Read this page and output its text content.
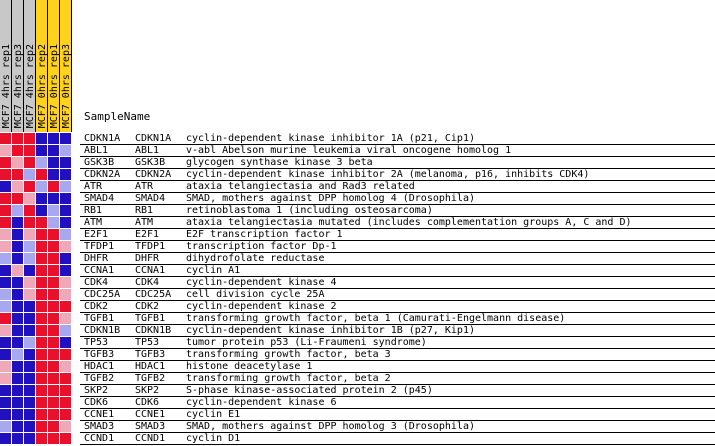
MCF7_4hrs_rep1 MCF7_4hrs_rep3 MCF7_4hrs_rep2 MCF7_0hrs_rep2 MCF7_0hrs_rep1 MCF7_0hrs_rep3 SampleName
CDKN1A CDKN1A cyclin-dependent kinase inhibitor 1A (p21, Cip1)
ABL1	ABL1	v-abl Abelson murine leukemia viral oncogene homolog 1
GSK3B GSK3B glycogen synthase kinase 3 beta
CDKN2A CDKN2A cyclin-dependent kinase inhibitor 2A (melanoma, p16, inhibits CDK4)
ATR	ATR	ataxia telangiectasia and Rad3 related
SMAD4 SMAD4 SMAD, mothers against DPP homolog 4 (Drosophila)
RB1	RB1	retinoblastoma 1 (including osteosarcoma)
ATM	ATM	ataxia telangiectasia mutated (includes complementation groups A, C and D)
E2F1	E2F1	E2F transcription factor 1
TFDP1 TFDP1 transcription factor Dp-1
DHFR	DHFR	dihydrofolate reductase
CCNA1 CCNA1 cyclin A1
CDK4	CDK4	cyclin-dependent kinase 4
CDC25A CDC25A cell division cycle 25A
CDK2	CDK2	cyclin-dependent kinase 2
TGFB1 TGFB1 transforming growth factor, beta 1 (Camurati-Engelmann disease)
CDKN1B CDKN1B cyclin-dependent kinase inhibitor 1B (p27, Kip1)
TP53	TP53	tumor protein p53 (Li-Fraumeni syndrome)
TGFB3 TGFB3 transforming growth factor, beta 3
HDAC1 HDAC1 histone deacetylase 1
TGFB2 TGFB2 transforming growth factor, beta 2
SKP2	SKP2	S-phase kinase-associated protein 2 (p45)
CDK6	CDK6	cyclin-dependent kinase 6
CCNE1 CCNE1 cyclin E1
SMAD3 SMAD3 SMAD, mothers against DPP homolog 3 (Drosophila)
CCND1 CCND1 cyclin D1
